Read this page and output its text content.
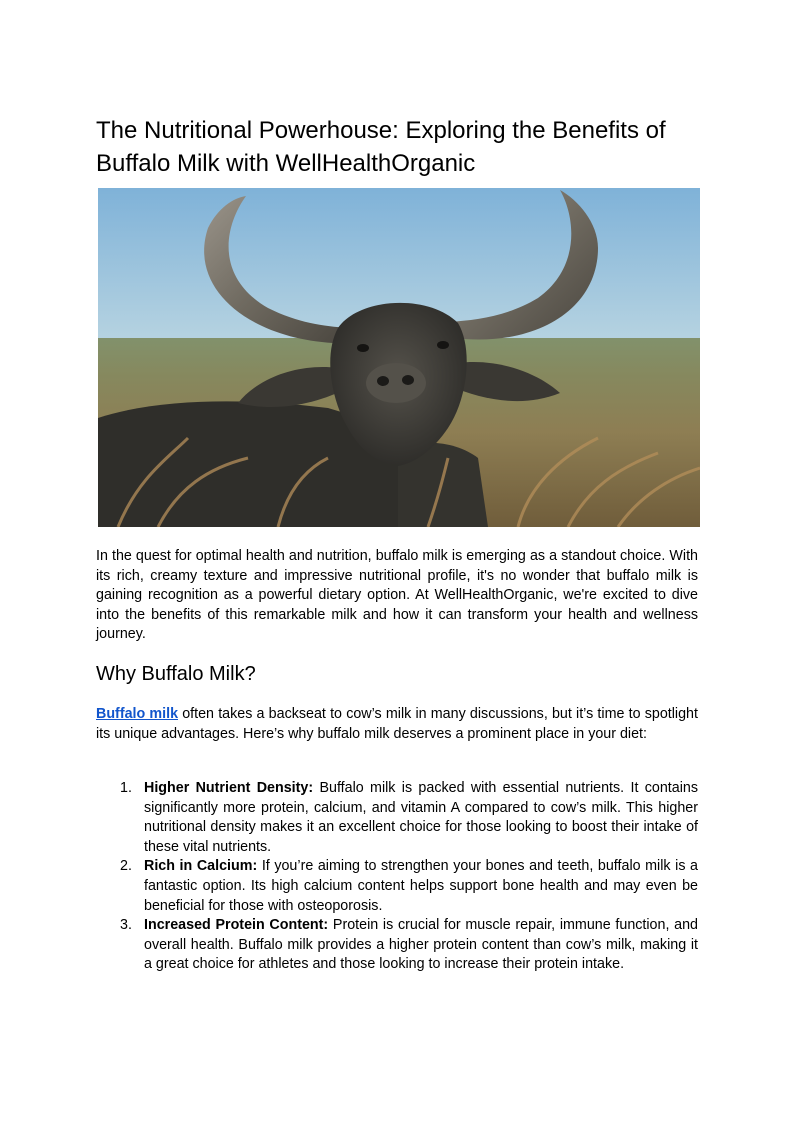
The Nutritional Powerhouse: Exploring the Benefits of Buffalo Milk with WellHealthOrganic

In the quest for optimal health and nutrition, buffalo milk is emerging as a standout choice. With its rich, creamy texture and impressive nutritional profile, it's no wonder that buffalo milk is gaining recognition as a powerful dietary option. At WellHealthOrganic, we're excited to dive into the benefits of this remarkable milk and how it can transform your health and wellness journey.

Why Buffalo Milk?

Buffalo milk often takes a backseat to cow’s milk in many discussions, but it’s time to spotlight its unique advantages. Here’s why buffalo milk deserves a prominent place in your diet:

1. Higher Nutrient Density: Buffalo milk is packed with essential nutrients. It contains significantly more protein, calcium, and vitamin A compared to cow’s milk. This higher nutritional density makes it an excellent choice for those looking to boost their intake of these vital nutrients.
2. Rich in Calcium: If you’re aiming to strengthen your bones and teeth, buffalo milk is a fantastic option. Its high calcium content helps support bone health and may even be beneficial for those with osteoporosis.
3. Increased Protein Content: Protein is crucial for muscle repair, immune function, and overall health. Buffalo milk provides a higher protein content than cow’s milk, making it a great choice for athletes and those looking to increase their protein intake.
